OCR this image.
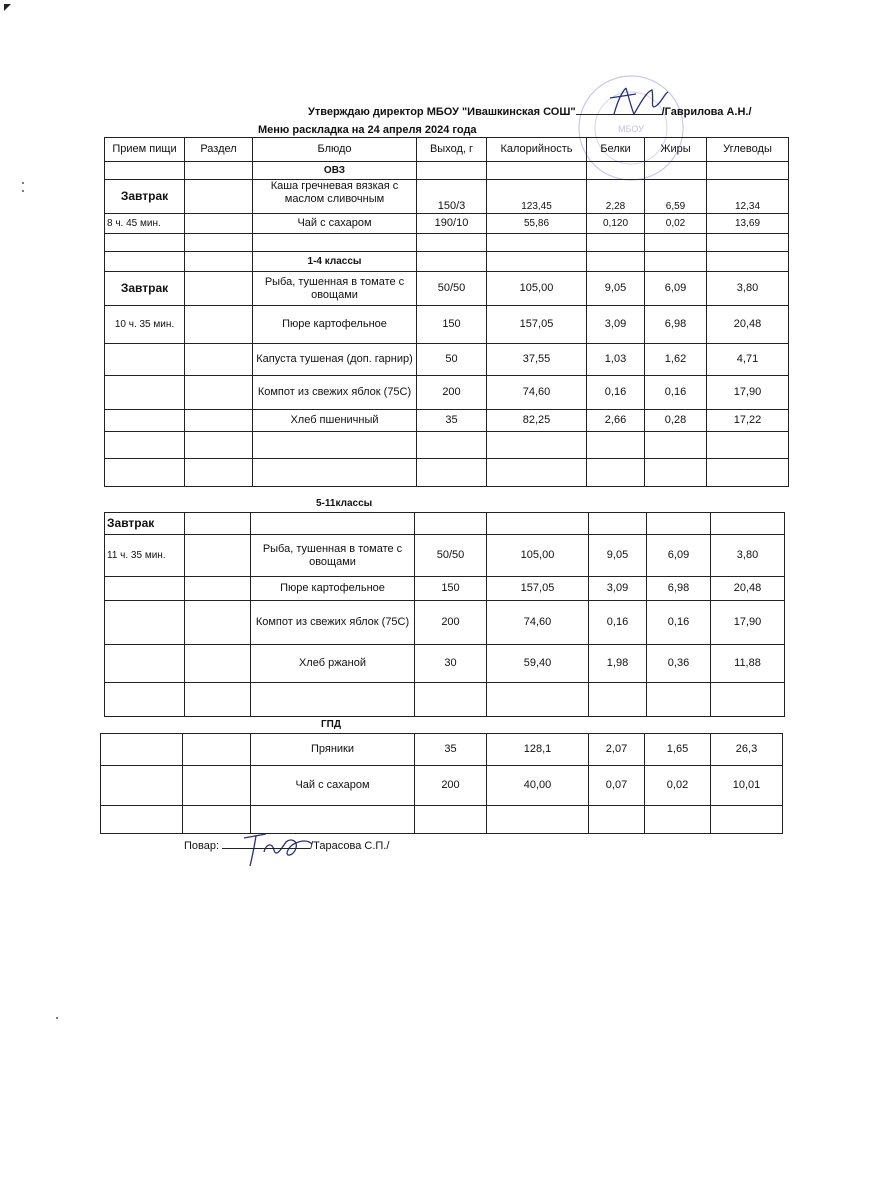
МБОУ
Утверждаю директор МБОУ "Ивашкинская СОШ"	/Гаврилова А.Н./
Меню раскладка на 24 апреля 2024 года
Прием пищи	Раздел	Блюдо	Выход, г	Калорийность	Белки	Жиры	Углеводы
		ОВЗ					
Завтрак		Каша гречневая вязкая с маслом сливочным	150/3	123,45	2,28	6,59	12,34
8 ч. 45 мин.		Чай с сахаром	190/10	55,86	0,120	0,02	13,69

		1-4 классы					
Завтрак		Рыба, тушенная в томате с овощами	50/50	105,00	9,05	6,09	3,80
10 ч. 35 мин.		Пюре картофельное	150	157,05	3,09	6,98	20,48
		Капуста тушеная (доп. гарнир)	50	37,55	1,03	1,62	4,71
		Компот из свежих яблок (75С)	200	74,60	0,16	0,16	17,90
		Хлеб пшеничный	35	82,25	2,66	0,28	17,22

5-11классы
Завтрак							
11 ч. 35 мин.		Рыба, тушенная в томате с овощами	50/50	105,00	9,05	6,09	3,80
		Пюре картофельное	150	157,05	3,09	6,98	20,48
		Компот из свежих яблок (75С)	200	74,60	0,16	0,16	17,90
		Хлеб ржаной	30	59,40	1,98	0,36	11,88

ГПД
		Пряники	35	128,1	2,07	1,65	26,3
		Чай с сахаром	200	40,00	0,07	0,02	10,01

Повар:	/Тарасова С.П./
